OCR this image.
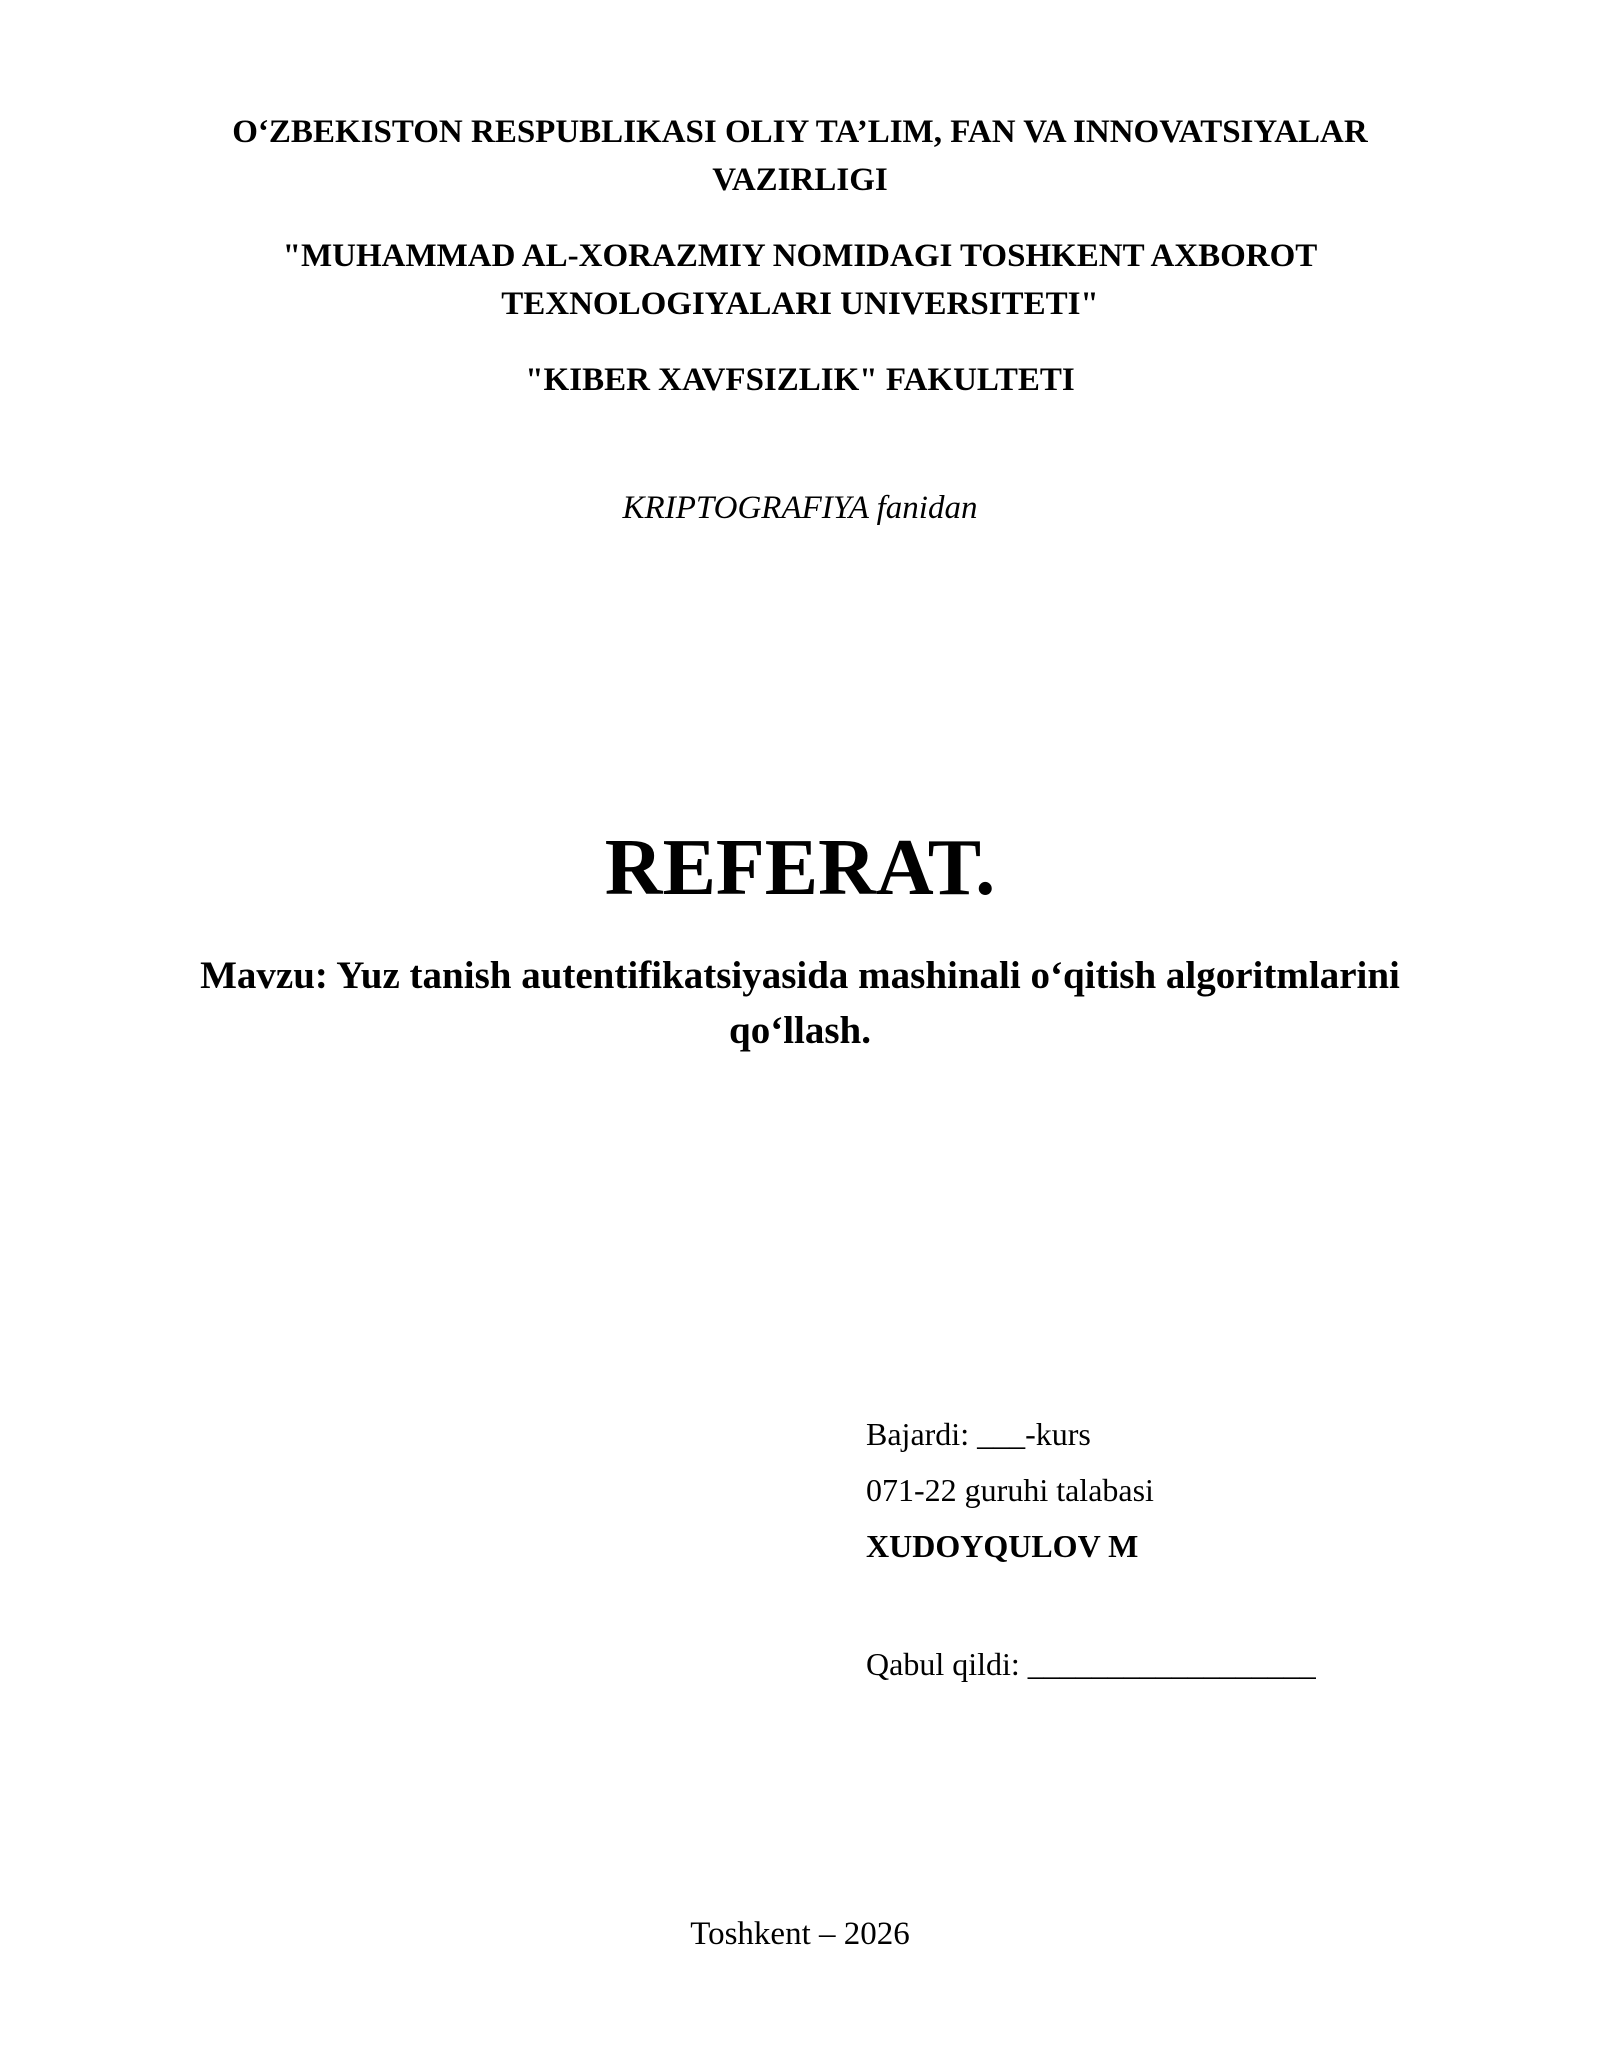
O‘ZBEKISTON RESPUBLIKASI OLIY TA’LIM, FAN VA INNOVATSIYALAR
VAZIRLIGI
"MUHAMMAD AL-XORAZMIY NOMIDAGI TOSHKENT AXBOROT
TEXNOLOGIYALARI UNIVERSITETI"
"KIBER XAVFSIZLIK" FAKULTETI
KRIPTOGRAFIYA fanidan
REFERAT.
Mavzu: Yuz tanish autentifikatsiyasida mashinali o‘qitish algoritmlarini
qo‘llash.
Bajardi: ___-kurs
071-22 guruhi talabasi
XUDOYQULOV M
Qabul qildi: __________________
Toshkent – 2026
